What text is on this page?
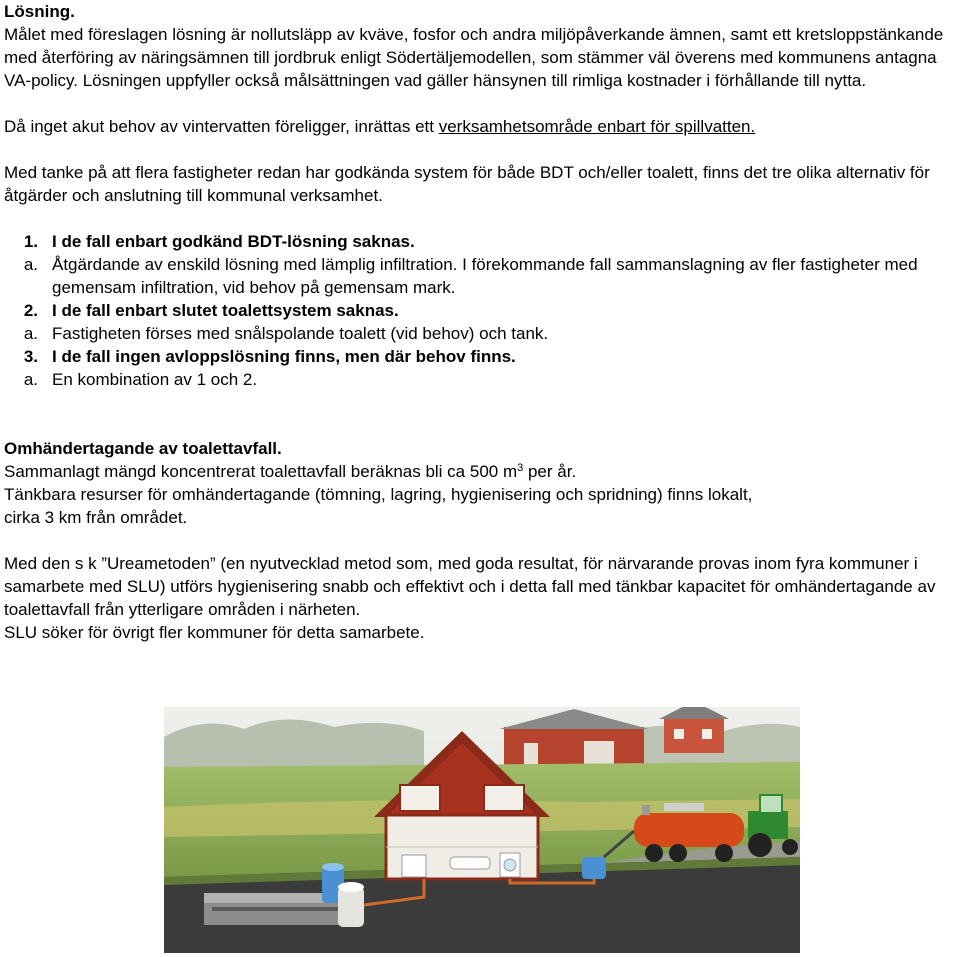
Lösning.

Målet med föreslagen lösning är nollutsläpp av kväve, fosfor och andra miljöpåverkande ämnen, samt ett kretsloppstänkande med återföring av näringsämnen till jordbruk enligt Södertäljemodellen, som stämmer väl överens med kommunens antagna VA-policy. Lösningen uppfyller också målsättningen vad gäller hänsynen till rimliga kostnader i förhållande till nytta.

Då inget akut behov av vintervatten föreligger, inrättas ett verksamhetsområde enbart för spillvatten.

Med tanke på att flera fastigheter redan har godkända system för både BDT och/eller toalett, finns det tre olika alternativ för åtgärder och anslutning till kommunal verksamhet.

1. I de fall enbart godkänd BDT-lösning saknas.
a. Åtgärdande av enskild lösning med lämplig infiltration. I förekommande fall sammanslagning av fler fastigheter med gemensam infiltration, vid behov på gemensam mark.
2. I de fall enbart slutet toalettsystem saknas.
a. Fastigheten förses med snålspolande toalett (vid behov) och tank.
3. I de fall ingen avloppslösning finns, men där behov finns.
a. En kombination av 1 och 2.

Omhändertagande av toalettavfall.

Sammanlagt mängd koncentrerat toalettavfall beräknas bli ca 500 $m^3$ per år.

Tänkbara resurser för omhändertagande (tömning, lagring, hygienisering och spridning) finns lokalt, cirka 3 km från området.

Med den s k ”Ureametoden” (en nyutvecklad metod som, med goda resultat, för närvarande provas inom fyra kommuner i samarbete med SLU) utförs hygienisering snabb och effektivt och i detta fall med tänkbar kapacitet för omhändertagande av toalettavfall från ytterligare områden i närheten.

SLU söker för övrigt fler kommuner för detta samarbete.
